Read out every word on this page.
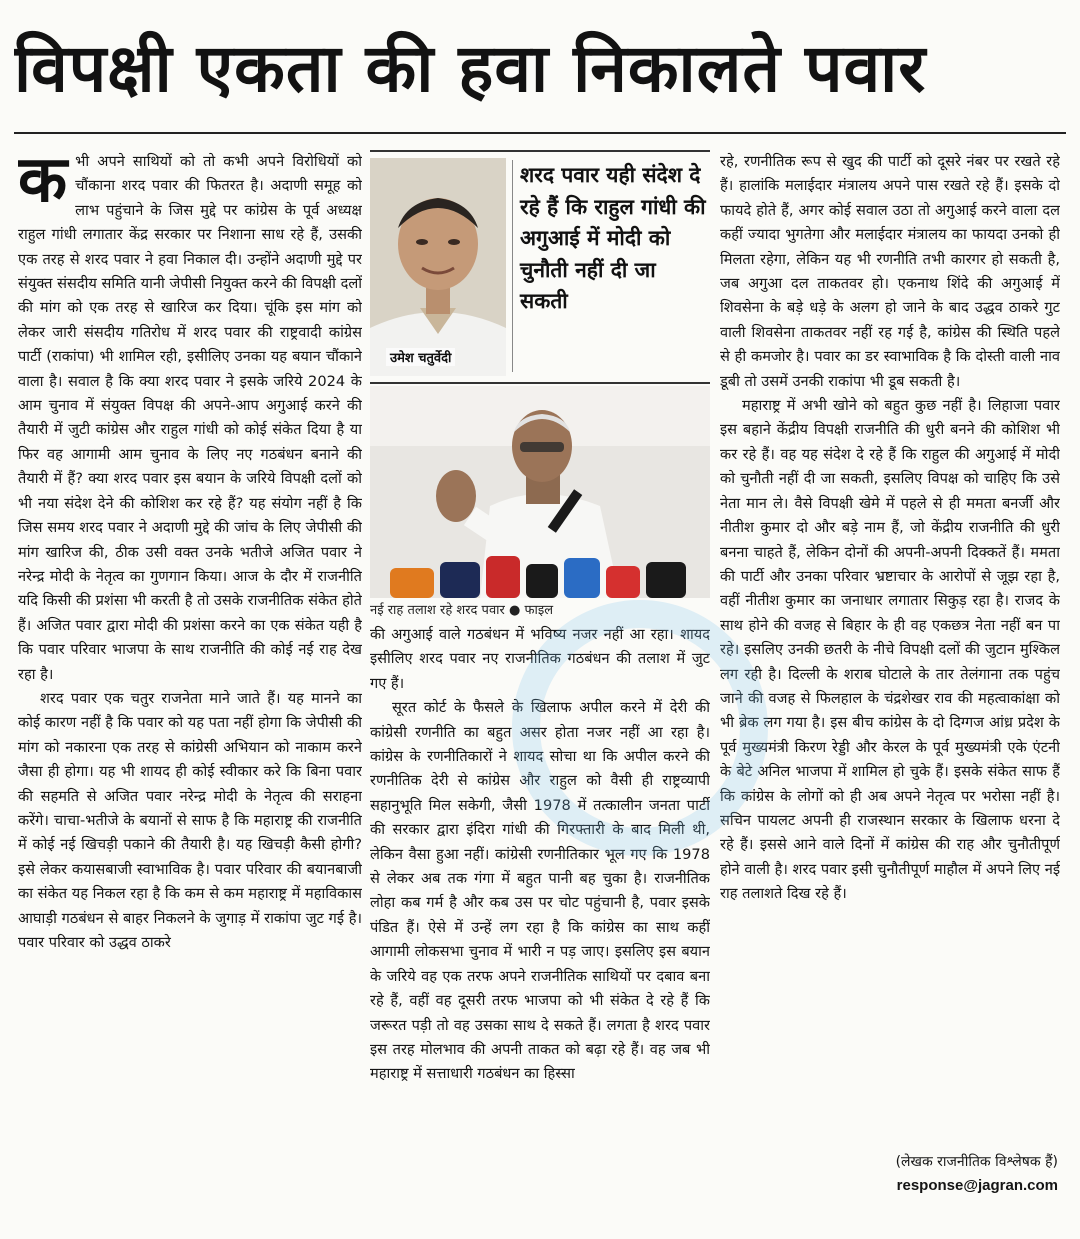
विपक्षी एकता की हवा निकालते पवार
क भी अपने साथियों को तो कभी अपने विरोधियों को चौंकाना शरद पवार की फितरत है। अदाणी समूह को लाभ पहुंचाने के जिस मुद्दे पर कांग्रेस के पूर्व अध्यक्ष राहुल गांधी लगातार केंद्र सरकार पर निशाना साध रहे हैं, उसकी एक तरह से शरद पवार ने हवा निकाल दी। उन्होंने अदाणी मुद्दे पर संयुक्त संसदीय समिति यानी जेपीसी नियुक्त करने की विपक्षी दलों की मांग को एक तरह से खारिज कर दिया। चूंकि इस मांग को लेकर जारी संसदीय गतिरोध में शरद पवार की राष्ट्रवादी कांग्रेस पार्टी (राकांपा) भी शामिल रही, इसीलिए उनका यह बयान चौंकाने वाला है। सवाल है कि क्या शरद पवार ने इसके जरिये 2024 के आम चुनाव में संयुक्त विपक्ष की अपने-आप अगुआई करने की तैयारी में जुटी कांग्रेस और राहुल गांधी को कोई संकेत दिया है या फिर वह आगामी आम चुनाव के लिए नए गठबंधन बनाने की तैयारी में हैं? क्या शरद पवार इस बयान के जरिये विपक्षी दलों को भी नया संदेश देने की कोशिश कर रहे हैं? यह संयोग नहीं है कि जिस समय शरद पवार ने अदाणी मुद्दे की जांच के लिए जेपीसी की मांग खारिज की, ठीक उसी वक्त उनके भतीजे अजित पवार ने नरेन्द्र मोदी के नेतृत्व का गुणगान किया। आज के दौर में राजनीति यदि किसी की प्रशंसा भी करती है तो उसके राजनीतिक संकेत होते हैं। अजित पवार द्वारा मोदी की प्रशंसा करने का एक संकेत यही है कि पवार परिवार भाजपा के साथ राजनीति की कोई नई राह देख रहा है।

शरद पवार एक चतुर राजनेता माने जाते हैं। यह मानने का कोई कारण नहीं है कि पवार को यह पता नहीं होगा कि जेपीसी की मांग को नकारना एक तरह से कांग्रेसी अभियान को नाकाम करने जैसा ही होगा। यह भी शायद ही कोई स्वीकार करे कि बिना पवार की सहमति से अजित पवार नरेन्द्र मोदी के नेतृत्व की सराहना करेंगे। चाचा-भतीजे के बयानों से साफ है कि महाराष्ट्र की राजनीति में कोई नई खिचड़ी पकाने की तैयारी है। यह खिचड़ी कैसी होगी? इसे लेकर कयासबाजी स्वाभाविक है। पवार परिवार की बयानबाजी का संकेत यह निकल रहा है कि कम से कम महाराष्ट्र में महाविकास आघाड़ी गठबंधन से बाहर निकलने के जुगाड़ में राकांपा जुट गई है। पवार परिवार को उद्धव ठाकरे

उमेश चतुर्वेदी
शरद पवार यही संदेश दे रहे हैं कि राहुल गांधी की अगुआई में मोदी को चुनौती नहीं दी जा सकती
नई राह तलाश रहे शरद पवार ● फाइल

की अगुआई वाले गठबंधन में भविष्य नजर नहीं आ रहा। शायद इसीलिए शरद पवार नए राजनीतिक गठबंधन की तलाश में जुट गए हैं।

सूरत कोर्ट के फैसले के खिलाफ अपील करने में देरी की कांग्रेसी रणनीति का बहुत असर होता नजर नहीं आ रहा है। कांग्रेस के रणनीतिकारों ने शायद सोचा था कि अपील करने की रणनीतिक देरी से कांग्रेस और राहुल को वैसी ही राष्ट्रव्यापी सहानुभूति मिल सकेगी, जैसी 1978 में तत्कालीन जनता पार्टी की सरकार द्वारा इंदिरा गांधी की गिरफ्तारी के बाद मिली थी, लेकिन वैसा हुआ नहीं। कांग्रेसी रणनीतिकार भूल गए कि 1978 से लेकर अब तक गंगा में बहुत पानी बह चुका है। राजनीतिक लोहा कब गर्म है और कब उस पर चोट पहुंचानी है, पवार इसके पंडित हैं। ऐसे में उन्हें लग रहा है कि कांग्रेस का साथ कहीं आगामी लोकसभा चुनाव में भारी न पड़ जाए। इसलिए इस बयान के जरिये वह एक तरफ अपने राजनीतिक साथियों पर दबाव बना रहे हैं, वहीं वह दूसरी तरफ भाजपा को भी संकेत दे रहे हैं कि जरूरत पड़ी तो वह उसका साथ दे सकते हैं। लगता है शरद पवार इस तरह मोलभाव की अपनी ताकत को बढ़ा रहे हैं। वह जब भी महाराष्ट्र में सत्ताधारी गठबंधन का हिस्सा

रहे, रणनीतिक रूप से खुद की पार्टी को दूसरे नंबर पर रखते रहे हैं। हालांकि मलाईदार मंत्रालय अपने पास रखते रहे हैं। इसके दो फायदे होते हैं, अगर कोई सवाल उठा तो अगुआई करने वाला दल कहीं ज्यादा भुगतेगा और मलाईदार मंत्रालय का फायदा उनको ही मिलता रहेगा, लेकिन यह भी रणनीति तभी कारगर हो सकती है, जब अगुआ दल ताकतवर हो। एकनाथ शिंदे की अगुआई में शिवसेना के बड़े धड़े के अलग हो जाने के बाद उद्धव ठाकरे गुट वाली शिवसेना ताकतवर नहीं रह गई है, कांग्रेस की स्थिति पहले से ही कमजोर है। पवार का डर स्वाभाविक है कि दोस्ती वाली नाव डूबी तो उसमें उनकी राकांपा भी डूब सकती है।

महाराष्ट्र में अभी खोने को बहुत कुछ नहीं है। लिहाजा पवार इस बहाने केंद्रीय विपक्षी राजनीति की धुरी बनने की कोशिश भी कर रहे हैं। वह यह संदेश दे रहे हैं कि राहुल की अगुआई में मोदी को चुनौती नहीं दी जा सकती, इसलिए विपक्ष को चाहिए कि उसे नेता मान ले। वैसे विपक्षी खेमे में पहले से ही ममता बनर्जी और नीतीश कुमार दो और बड़े नाम हैं, जो केंद्रीय राजनीति की धुरी बनना चाहते हैं, लेकिन दोनों की अपनी-अपनी दिक्कतें हैं। ममता की पार्टी और उनका परिवार भ्रष्टाचार के आरोपों से जूझ रहा है, वहीं नीतीश कुमार का जनाधार लगातार सिकुड़ रहा है। राजद के साथ होने की वजह से बिहार के ही वह एकछत्र नेता नहीं बन पा रहे। इसलिए उनकी छतरी के नीचे विपक्षी दलों की जुटान मुश्किल लग रही है। दिल्ली के शराब घोटाले के तार तेलंगाना तक पहुंच जाने की वजह से फिलहाल के चंद्रशेखर राव की महत्वाकांक्षा को भी ब्रेक लग गया है। इस बीच कांग्रेस के दो दिग्गज आंध्र प्रदेश के पूर्व मुख्यमंत्री किरण रेड्डी और केरल के पूर्व मुख्यमंत्री एके एंटनी के बेटे अनिल भाजपा में शामिल हो चुके हैं। इसके संकेत साफ हैं कि कांग्रेस के लोगों को ही अब अपने नेतृत्व पर भरोसा नहीं है। सचिन पायलट अपनी ही राजस्थान सरकार के खिलाफ धरना दे रहे हैं। इससे आने वाले दिनों में कांग्रेस की राह और चुनौतीपूर्ण होने वाली है। शरद पवार इसी चुनौतीपूर्ण माहौल में अपने लिए नई राह तलाशते दिख रहे हैं।

(लेखक राजनीतिक विश्लेषक हैं)
response@jagran.com
